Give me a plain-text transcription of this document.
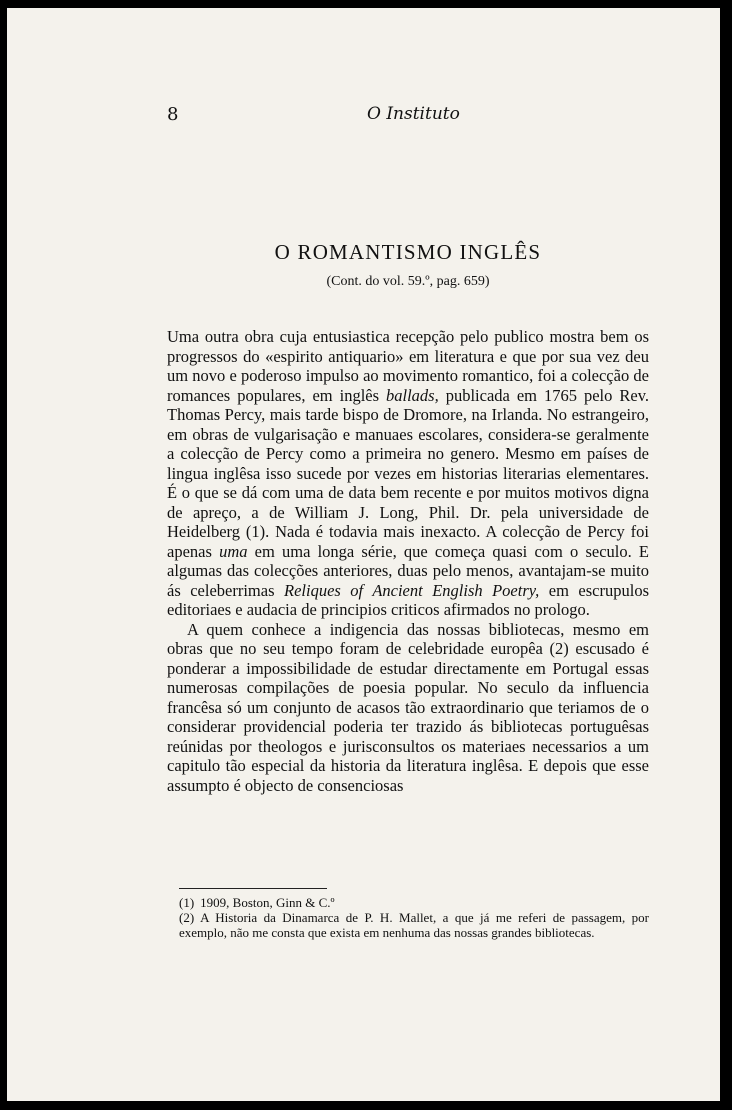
8	O Instituto
O ROMANTISMO INGLÊS
(Cont. do vol. 59.º, pag. 659)

Uma outra obra cuja entusiastica recepção pelo publico mostra bem os progressos do «espirito antiquario» em literatura e que por sua vez deu um novo e poderoso impulso ao movimento romantico, foi a colecção de romances populares, em inglês ballads, publicada em 1765 pelo Rev. Thomas Percy, mais tarde bispo de Dromore, na Irlanda. No estrangeiro, em obras de vulgarisação e manuaes escolares, considera-se geralmente a colecção de Percy como a primeira no genero. Mesmo em países de lingua inglêsa isso sucede por vezes em historias literarias elementares. É o que se dá com uma de data bem recente e por muitos motivos digna de apreço, a de William J. Long, Phil. Dr. pela universidade de Heidelberg (1). Nada é todavia mais inexacto. A colecção de Percy foi apenas uma em uma longa série, que começa quasi com o seculo. E algumas das colecções anteriores, duas pelo menos, avantajam-se muito ás celeberrimas Reliques of Ancient English Poetry, em escrupulos editoriaes e audacia de principios criticos afirmados no prologo.

A quem conhece a indigencia das nossas bibliotecas, mesmo em obras que no seu tempo foram de celebridade europêa (2) escusado é ponderar a impossibilidade de estudar directamente em Portugal essas numerosas compilações de poesia popular. No seculo da influencia francêsa só um conjunto de acasos tão extraordinario que teriamos de o considerar providencial poderia ter trazido ás bibliotecas portuguêsas reúnidas por theologos e jurisconsultos os materiaes necessarios a um capitulo tão especial da historia da literatura inglêsa. E depois que esse assumpto é objecto de consenciosas

(1) 1909, Boston, Ginn & C.º

(2) A Historia da Dinamarca de P. H. Mallet, a que já me referi de passagem, por exemplo, não me consta que exista em nenhuma das nossas grandes bibliotecas.
